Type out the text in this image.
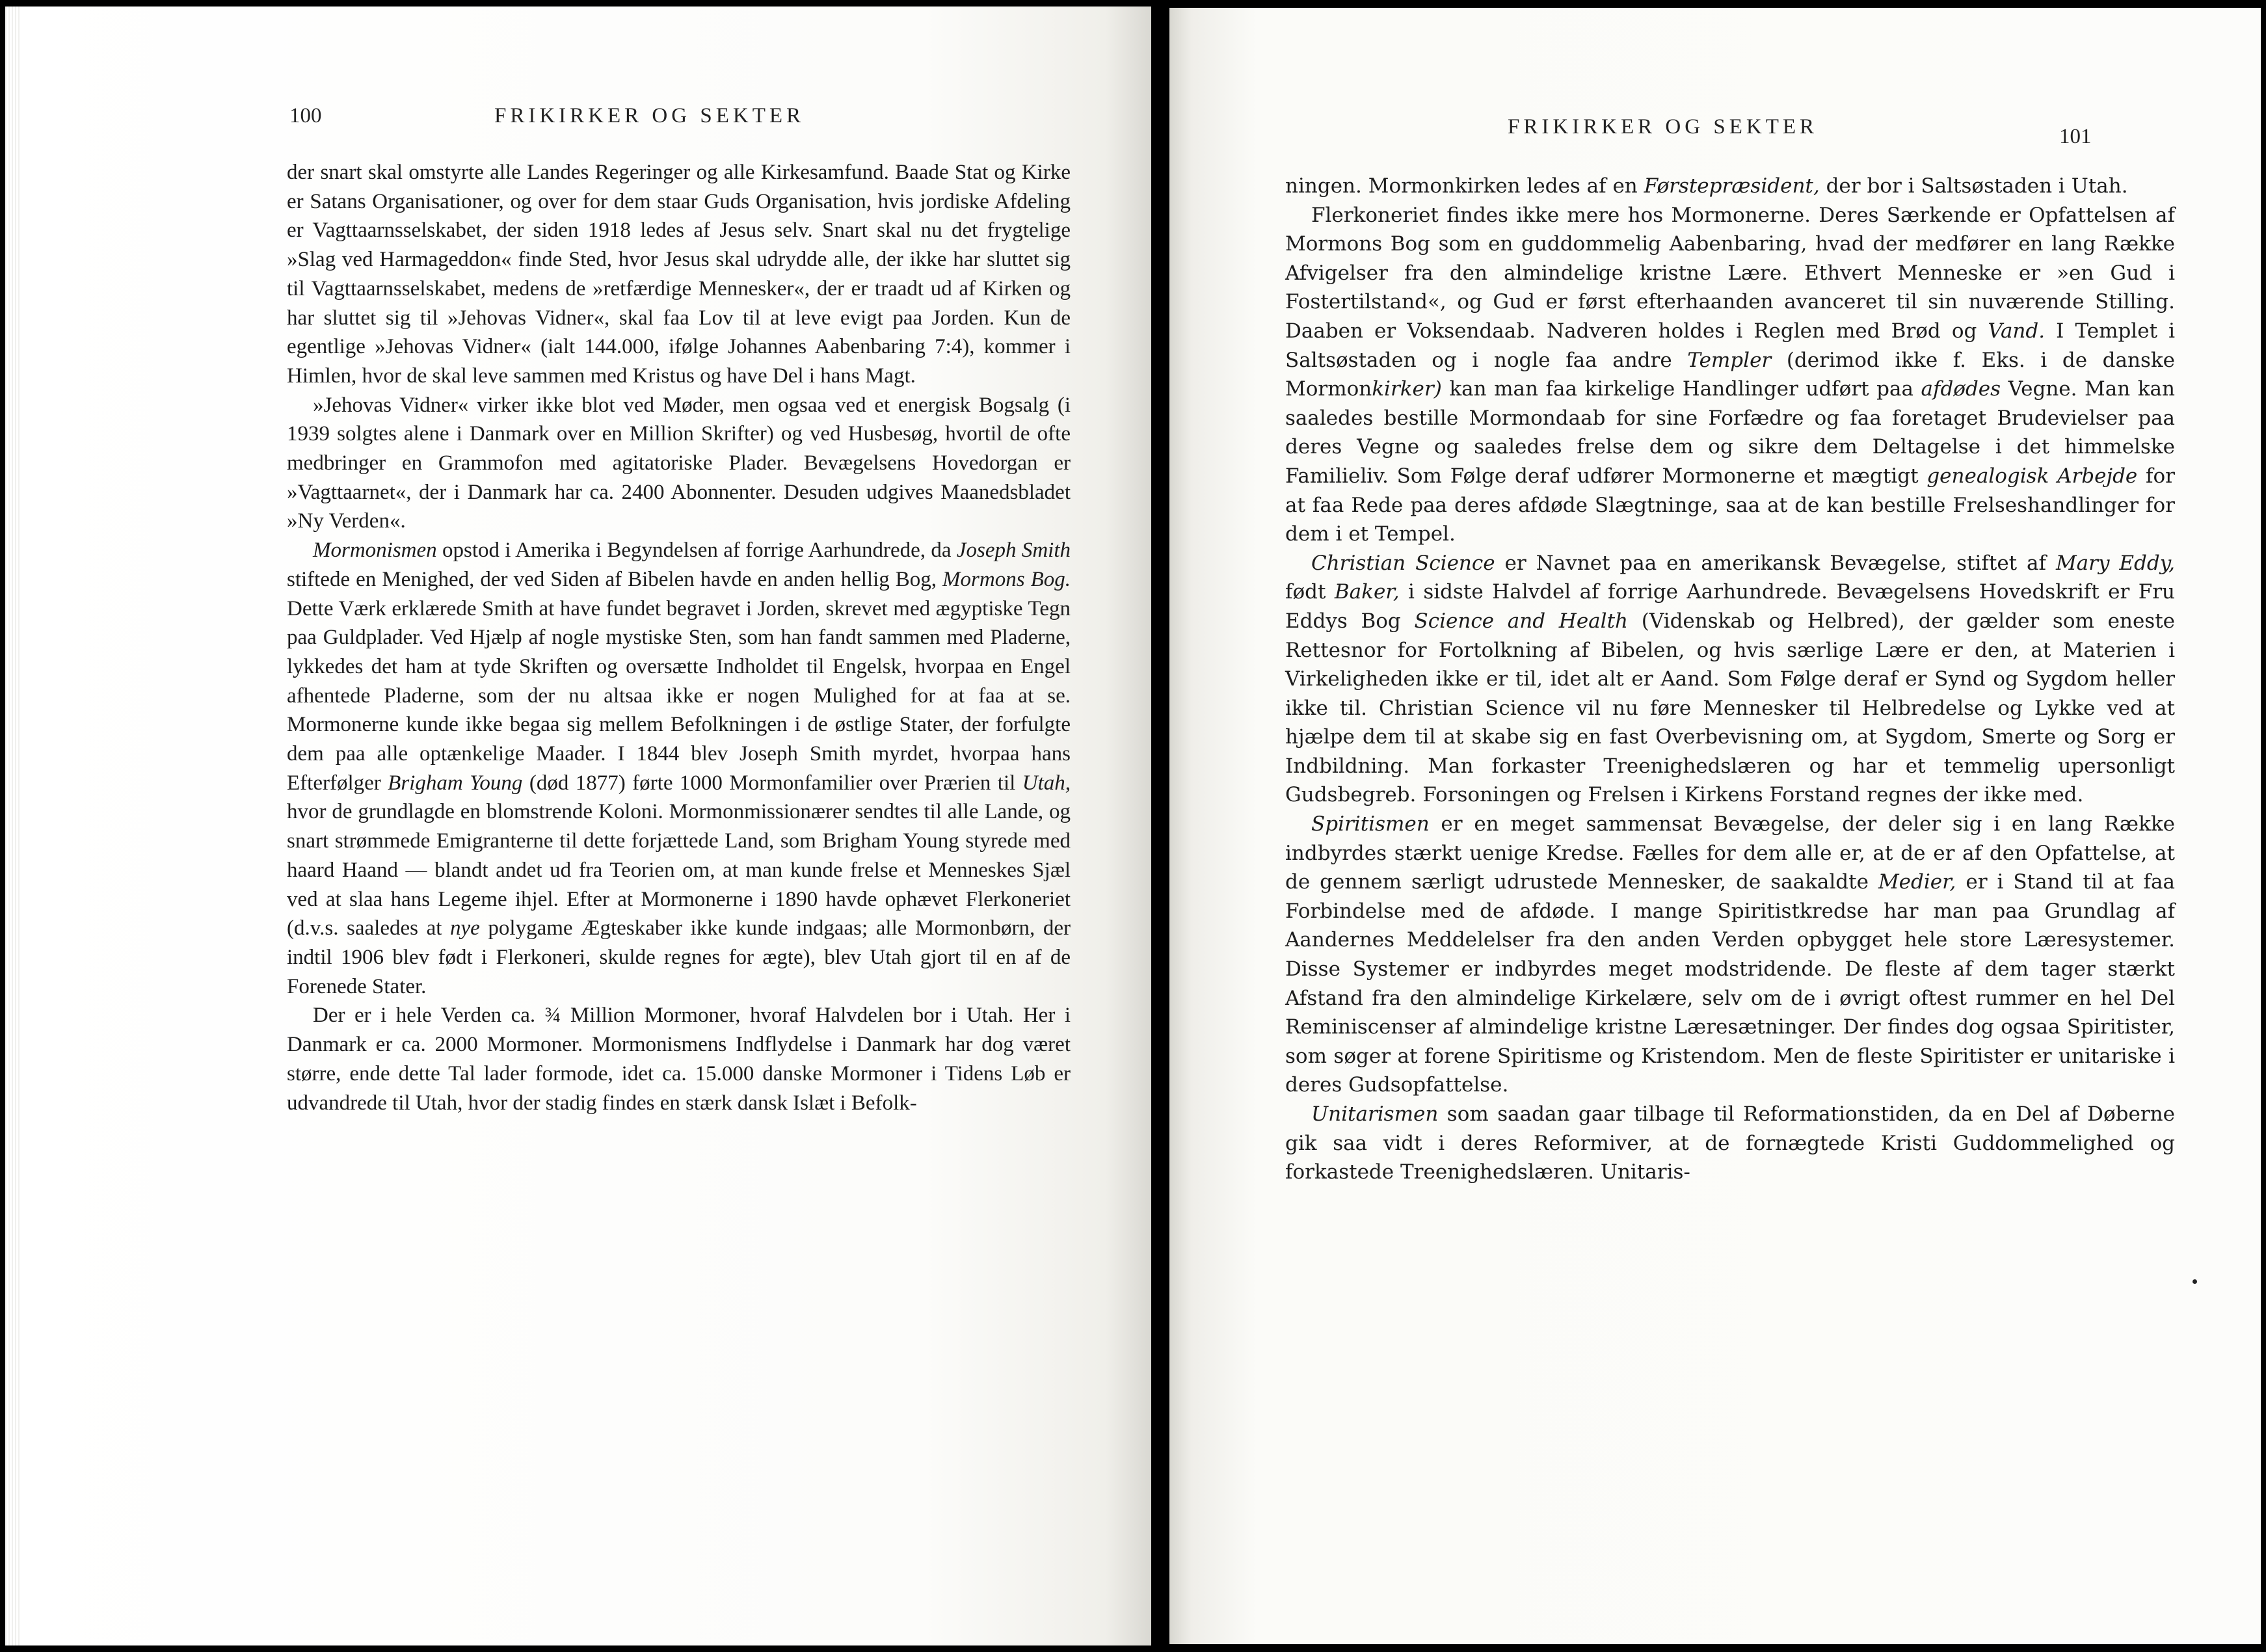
100	FRIKIRKER OG SEKTER

der snart skal omstyrte alle Landes Regeringer og alle Kirkesamfund. Baade Stat og Kirke er Satans Organisationer, og over for dem staar Guds Organisation, hvis jordiske Afdeling er Vagttaarnsselskabet, der siden 1918 ledes af Jesus selv. Snart skal nu det frygtelige »Slag ved Harmageddon« finde Sted, hvor Jesus skal udrydde alle, der ikke har sluttet sig til Vagttaarnsselskabet, medens de »retfærdige Mennesker«, der er traadt ud af Kirken og har sluttet sig til »Jehovas Vidner«, skal faa Lov til at leve evigt paa Jorden. Kun de egentlige »Jehovas Vidner« (ialt 144.000, ifølge Johannes Aabenbaring 7:4), kommer i Himlen, hvor de skal leve sammen med Kristus og have Del i hans Magt.

»Jehovas Vidner« virker ikke blot ved Møder, men ogsaa ved et energisk Bogsalg (i 1939 solgtes alene i Danmark over en Million Skrifter) og ved Husbesøg, hvortil de ofte medbringer en Grammofon med agitatoriske Plader. Bevægelsens Hovedorgan er »Vagttaarnet«, der i Danmark har ca. 2400 Abonnenter. Desuden udgives Maanedsbladet »Ny Verden«.

Mormonismen opstod i Amerika i Begyndelsen af forrige Aarhundrede, da Joseph Smith stiftede en Menighed, der ved Siden af Bibelen havde en anden hellig Bog, Mormons Bog. Dette Værk erklærede Smith at have fundet begravet i Jorden, skrevet med ægyptiske Tegn paa Guldplader. Ved Hjælp af nogle mystiske Sten, som han fandt sammen med Pladerne, lykkedes det ham at tyde Skriften og oversætte Indholdet til Engelsk, hvorpaa en Engel afhentede Pladerne, som der nu altsaa ikke er nogen Mulighed for at faa at se. Mormonerne kunde ikke begaa sig mellem Befolkningen i de østlige Stater, der forfulgte dem paa alle optænkelige Maader. I 1844 blev Joseph Smith myrdet, hvorpaa hans Efterfølger Brigham Young (død 1877) førte 1000 Mormonfamilier over Prærien til Utah, hvor de grundlagde en blomstrende Koloni. Mormonmissionærer sendtes til alle Lande, og snart strømmede Emigranterne til dette forjættede Land, som Brigham Young styrede med haard Haand — blandt andet ud fra Teorien om, at man kunde frelse et Menneskes Sjæl ved at slaa hans Legeme ihjel. Efter at Mormonerne i 1890 havde ophævet Flerkoneriet (d.v.s. saaledes at nye polygame Ægteskaber ikke kunde indgaas; alle Mormonbørn, der indtil 1906 blev født i Flerkoneri, skulde regnes for ægte), blev Utah gjort til en af de Forenede Stater.

Der er i hele Verden ca. ¾ Million Mormoner, hvoraf Halvdelen bor i Utah. Her i Danmark er ca. 2000 Mormoner. Mormonismens Indflydelse i Danmark har dog været større, ende dette Tal lader formode, idet ca. 15.000 danske Mormoner i Tidens Løb er udvandrede til Utah, hvor der stadig findes en stærk dansk Islæt i Befolk-

FRIKIRKER OG SEKTER	101

ningen. Mormonkirken ledes af en Førstepræsident, der bor i Saltsøstaden i Utah.

Flerkoneriet findes ikke mere hos Mormonerne. Deres Særkende er Opfattelsen af Mormons Bog som en guddommelig Aabenbaring, hvad der medfører en lang Række Afvigelser fra den almindelige kristne Lære. Ethvert Menneske er »en Gud i Fostertilstand«, og Gud er først efterhaanden avanceret til sin nuværende Stilling. Daaben er Voksendaab. Nadveren holdes i Reglen med Brød og Vand. I Templet i Saltsøstaden og i nogle faa andre Templer (derimod ikke f. Eks. i de danske Mormonkirker) kan man faa kirkelige Handlinger udført paa afdødes Vegne. Man kan saaledes bestille Mormondaab for sine Forfædre og faa foretaget Brudevielser paa deres Vegne og saaledes frelse dem og sikre dem Deltagelse i det himmelske Familieliv. Som Følge deraf udfører Mormonerne et mægtigt genealogisk Arbejde for at faa Rede paa deres afdøde Slægtninge, saa at de kan bestille Frelseshandlinger for dem i et Tempel.

Christian Science er Navnet paa en amerikansk Bevægelse, stiftet af Mary Eddy, født Baker, i sidste Halvdel af forrige Aarhundrede. Bevægelsens Hovedskrift er Fru Eddys Bog Science and Health (Videnskab og Helbred), der gælder som eneste Rettesnor for Fortolkning af Bibelen, og hvis særlige Lære er den, at Materien i Virkeligheden ikke er til, idet alt er Aand. Som Følge deraf er Synd og Sygdom heller ikke til. Christian Science vil nu føre Mennesker til Helbredelse og Lykke ved at hjælpe dem til at skabe sig en fast Overbevisning om, at Sygdom, Smerte og Sorg er Indbildning. Man forkaster Treenighedslæren og har et temmelig upersonligt Gudsbegreb. Forsoningen og Frelsen i Kirkens Forstand regnes der ikke med.

Spiritismen er en meget sammensat Bevægelse, der deler sig i en lang Række indbyrdes stærkt uenige Kredse. Fælles for dem alle er, at de er af den Opfattelse, at de gennem særligt udrustede Mennesker, de saakaldte Medier, er i Stand til at faa Forbindelse med de afdøde. I mange Spiritistkredse har man paa Grundlag af Aandernes Meddelelser fra den anden Verden opbygget hele store Læresystemer. Disse Systemer er indbyrdes meget modstridende. De fleste af dem tager stærkt Afstand fra den almindelige Kirkelære, selv om de i øvrigt oftest rummer en hel Del Reminiscenser af almindelige kristne Læresætninger. Der findes dog ogsaa Spiritister, som søger at forene Spiritisme og Kristendom. Men de fleste Spiritister er unitariske i deres Gudsopfattelse.

Unitarismen som saadan gaar tilbage til Reformationstiden, da en Del af Døberne gik saa vidt i deres Reformiver, at de fornægtede Kristi Guddommelighed og forkastede Treenighedslæren. Unitaris-
